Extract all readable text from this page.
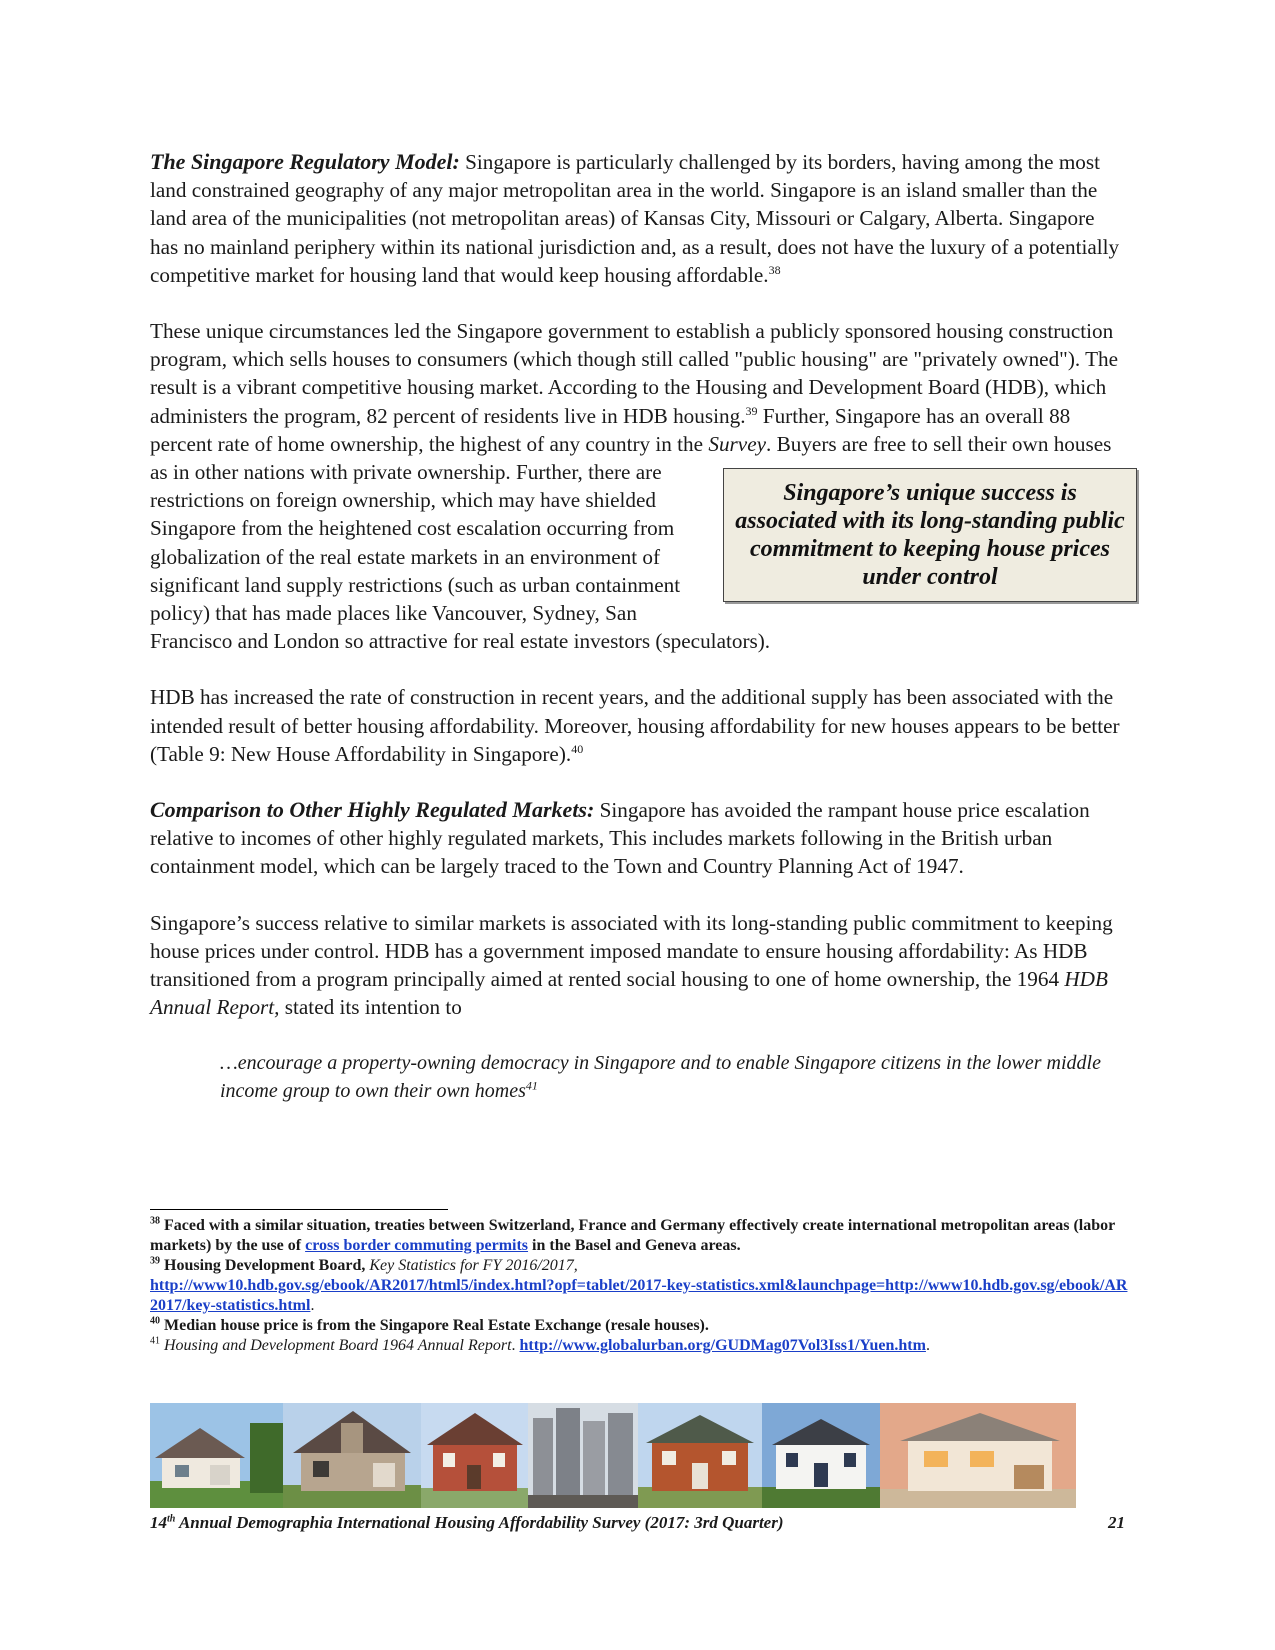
The Singapore Regulatory Model: Singapore is particularly challenged by its borders, having among the most land constrained geography of any major metropolitan area in the world. Singapore is an island smaller than the land area of the municipalities (not metropolitan areas) of Kansas City, Missouri or Calgary, Alberta. Singapore has no mainland periphery within its national jurisdiction and, as a result, does not have the luxury of a potentially competitive market for housing land that would keep housing affordable.$^{38}$

These unique circumstances led the Singapore government to establish a publicly sponsored housing construction program, which sells houses to consumers (which though still called "public housing" are "privately owned"). The result is a vibrant competitive housing market. According to the Housing and Development Board (HDB), which administers the program, 82 percent of residents live in HDB housing.$^{39}$ Further, Singapore has an overall 88 percent rate of home ownership, the highest of any country in the
Singapore’s unique success is associated with its long-standing public commitment to keeping house prices under control
Survey. Buyers are free to sell their own houses as in other nations with private ownership. Further, there are restrictions on foreign ownership, which may have shielded Singapore from the heightened cost escalation occurring from globalization of the real estate markets in an environment of significant land supply restrictions (such as urban containment policy) that has made places like Vancouver, Sydney, San Francisco and London so attractive for real estate investors (speculators).

HDB has increased the rate of construction in recent years, and the additional supply has been associated with the intended result of better housing affordability. Moreover, housing affordability for new houses appears to be better (Table 9: New House Affordability in Singapore).$^{40}$

Comparison to Other Highly Regulated Markets: Singapore has avoided the rampant house price escalation relative to incomes of other highly regulated markets, This includes markets following in the British urban containment model, which can be largely traced to the Town and Country Planning Act of 1947.

Singapore’s success relative to similar markets is associated with its long-standing public commitment to keeping house prices under control. HDB has a government imposed mandate to ensure housing affordability: As HDB transitioned from a program principally aimed at rented social housing to one of home ownership, the 1964 HDB Annual Report, stated its intention to

…encourage a property-owning democracy in Singapore and to enable Singapore citizens in the lower middle income group to own their own homes$^{41}$

$^{38}$ Faced with a similar situation, treaties between Switzerland, France and Germany effectively create international metropolitan areas (labor markets) by the use of cross border commuting permits in the Basel and Geneva areas.
$^{39}$ Housing Development Board, Key Statistics for FY 2016/2017,
http://www10.hdb.gov.sg/ebook/AR2017/html5/index.html?opf=tablet/2017-key-statistics.xml&launchpage=http://www10.hdb.gov.sg/ebook/AR2017/key-statistics.html.
$^{40}$ Median house price is from the Singapore Real Estate Exchange (resale houses).
$^{41}$ Housing and Development Board 1964 Annual Report. http://www.globalurban.org/GUDMag07Vol3Iss1/Yuen.htm.
14th Annual Demographia International Housing Affordability Survey (2017: 3rd Quarter)	21
